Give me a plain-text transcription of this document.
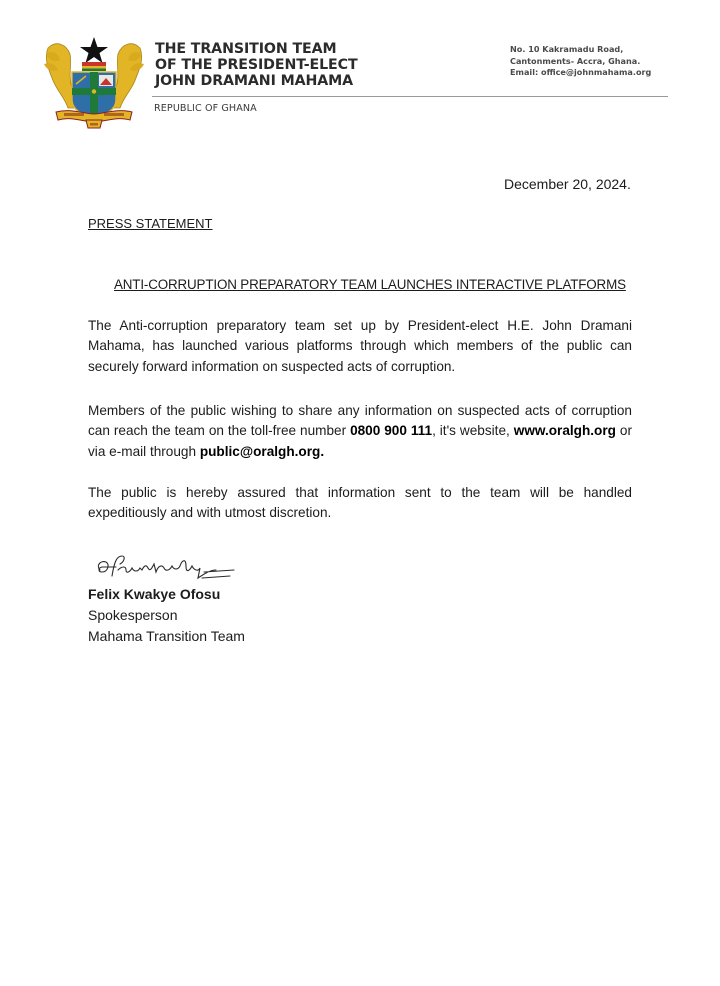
THE TRANSITION TEAM
OF THE PRESIDENT-ELECT
JOHN DRAMANI MAHAMA
REPUBLIC OF GHANA
No. 10 Kakramadu Road,
Cantonments- Accra, Ghana.
Email: office@johnmahama.org
December 20, 2024.
PRESS STATEMENT
ANTI-CORRUPTION PREPARATORY TEAM LAUNCHES INTERACTIVE PLATFORMS

The Anti-corruption preparatory team set up by President-elect H.E. John Dramani Mahama, has launched various platforms through which members of the public can securely forward information on suspected acts of corruption.

Members of the public wishing to share any information on suspected acts of corruption can reach the team on the toll-free number 0800 900 111, it's website, www.oralgh.org or via e-mail through public@oralgh.org.

The public is hereby assured that information sent to the team will be handled expeditiously and with utmost discretion.

Felix Kwakye Ofosu
Spokesperson
Mahama Transition Team
